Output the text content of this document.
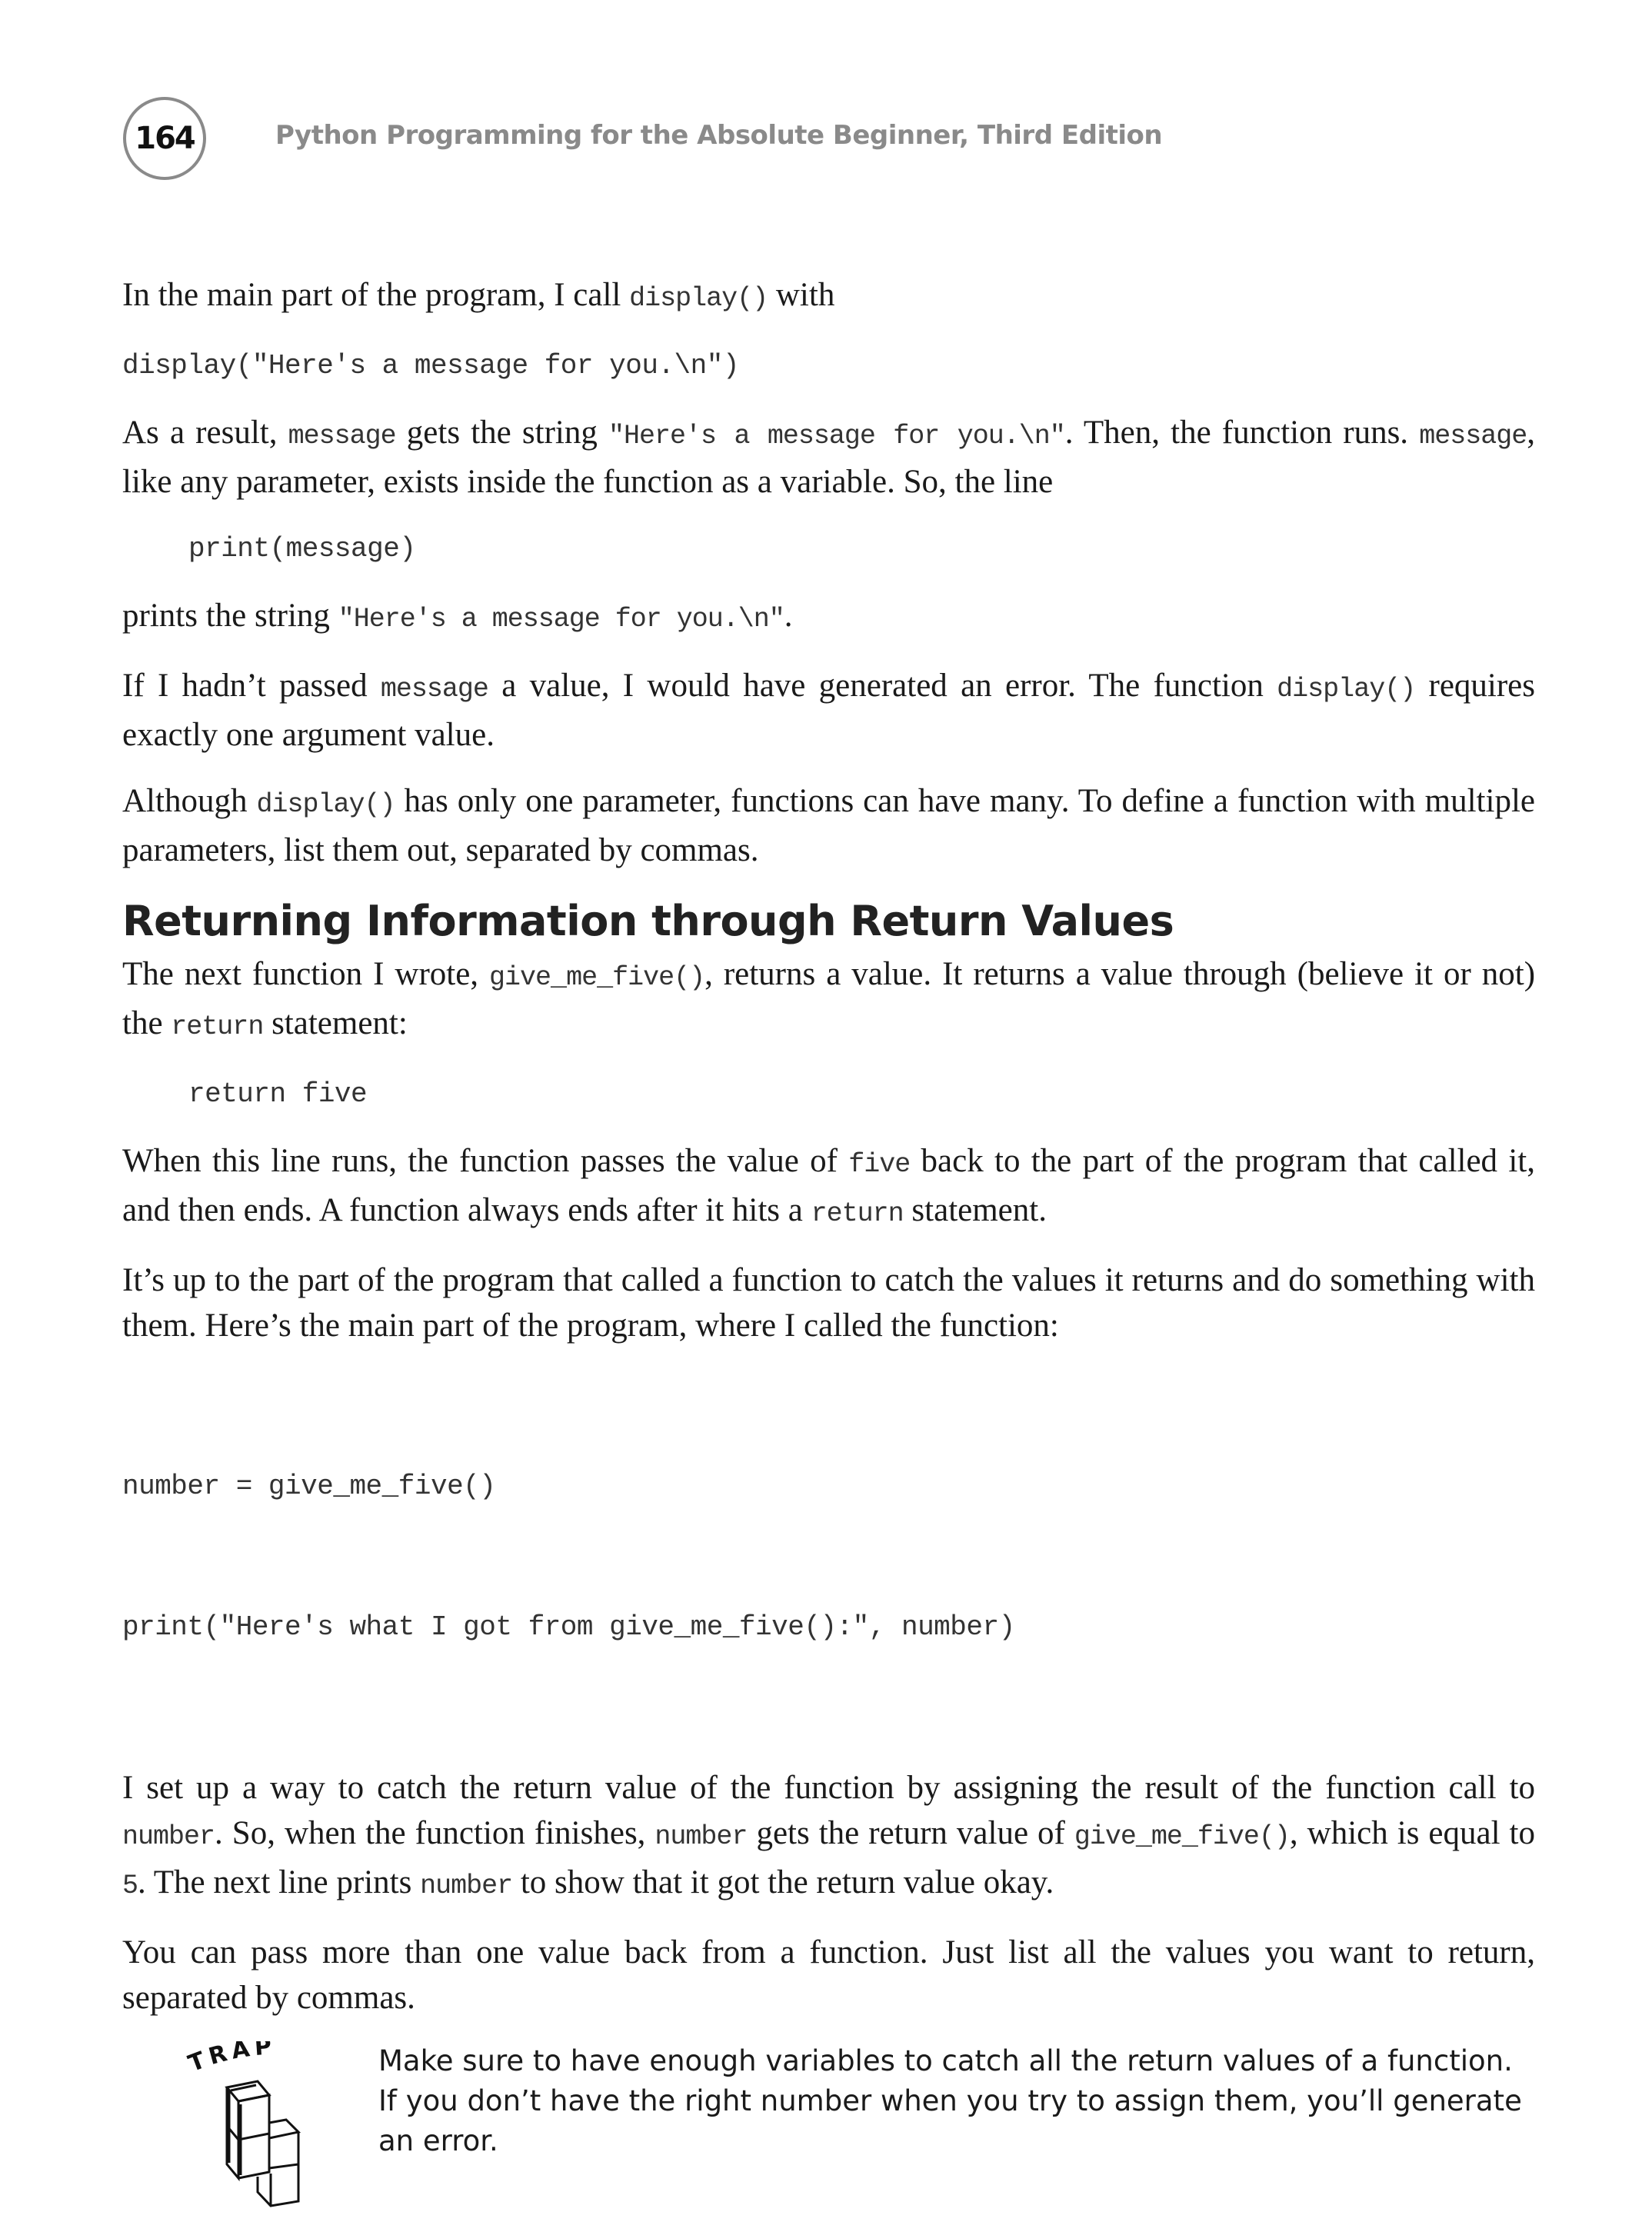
164	Python Programming for the Absolute Beginner, Third Edition
In the main part of the program, I call display() with
display("Here's a message for you.\n")
As a result, message gets the string "Here's a message for you.\n". Then, the function runs. message, like any parameter, exists inside the function as a variable. So, the line
print(message)
prints the string "Here's a message for you.\n".
If I hadn’t passed message a value, I would have generated an error. The function display() requires exactly one argument value.
Although display() has only one parameter, functions can have many. To define a function with multiple parameters, list them out, separated by commas.
Returning Information through Return Values
The next function I wrote, give_me_five(), returns a value. It returns a value through (believe it or not) the return statement:
return five
When this line runs, the function passes the value of five back to the part of the program that called it, and then ends. A function always ends after it hits a return statement.
It’s up to the part of the program that called a function to catch the values it returns and do something with them. Here’s the main part of the program, where I called the function:

number = give_me_five()

print("Here's what I got from give_me_five():", number)

I set up a way to catch the return value of the function by assigning the result of the function call to number. So, when the function finishes, number gets the return value of give_me_five(), which is equal to 5. The next line prints number to show that it got the return value okay.
You can pass more than one value back from a function. Just list all the values you want to return, separated by commas.
TRAP	Make sure to have enough variables to catch all the return values of a function. If you don’t have the right number when you try to assign them, you’ll generate an error.
